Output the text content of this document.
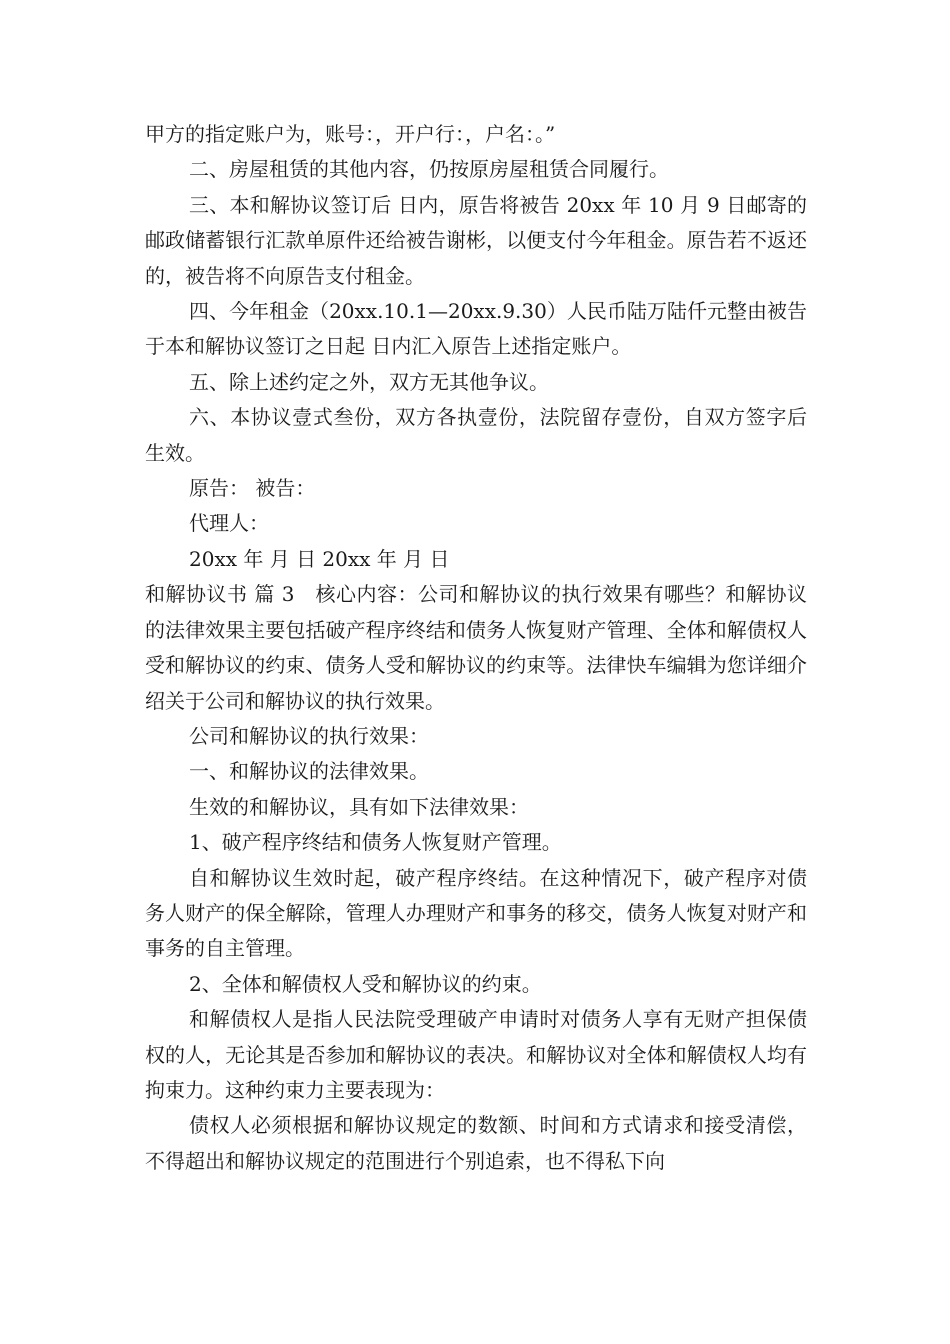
甲方的指定账户为，账号：，开户行：，户名：。”

二、房屋租赁的其他内容，仍按原房屋租赁合同履行。

三、本和解协议签订后 日内，原告将被告 20xx 年 10 月 9 日邮寄的邮政储蓄银行汇款单原件还给被告谢彬，以便支付今年租金。原告若不返还的，被告将不向原告支付租金。

四、今年租金（20xx.10.1—20xx.9.30）人民币陆万陆仟元整由被告于本和解协议签订之日起 日内汇入原告上述指定账户。

五、除上述约定之外，双方无其他争议。

六、本协议壹式叁份，双方各执壹份，法院留存壹份，自双方签字后生效。

原告： 被告：

代理人：

20xx 年 月 日 20xx 年 月 日

和解协议书 篇 3　核心内容：公司和解协议的执行效果有哪些？和解协议的法律效果主要包括破产程序终结和债务人恢复财产管理、全体和解债权人受和解协议的约束、债务人受和解协议的约束等。法律快车编辑为您详细介绍关于公司和解协议的执行效果。

公司和解协议的执行效果：

一、和解协议的法律效果。

生效的和解协议，具有如下法律效果：

1、破产程序终结和债务人恢复财产管理。

自和解协议生效时起，破产程序终结。在这种情况下，破产程序对债务人财产的保全解除，管理人办理财产和事务的移交，债务人恢复对财产和事务的自主管理。

2、全体和解债权人受和解协议的约束。

和解债权人是指人民法院受理破产申请时对债务人享有无财产担保债权的人，无论其是否参加和解协议的表决。和解协议对全体和解债权人均有拘束力。这种约束力主要表现为：

债权人必须根据和解协议规定的数额、时间和方式请求和接受清偿，不得超出和解协议规定的范围进行个别追索，也不得私下向
